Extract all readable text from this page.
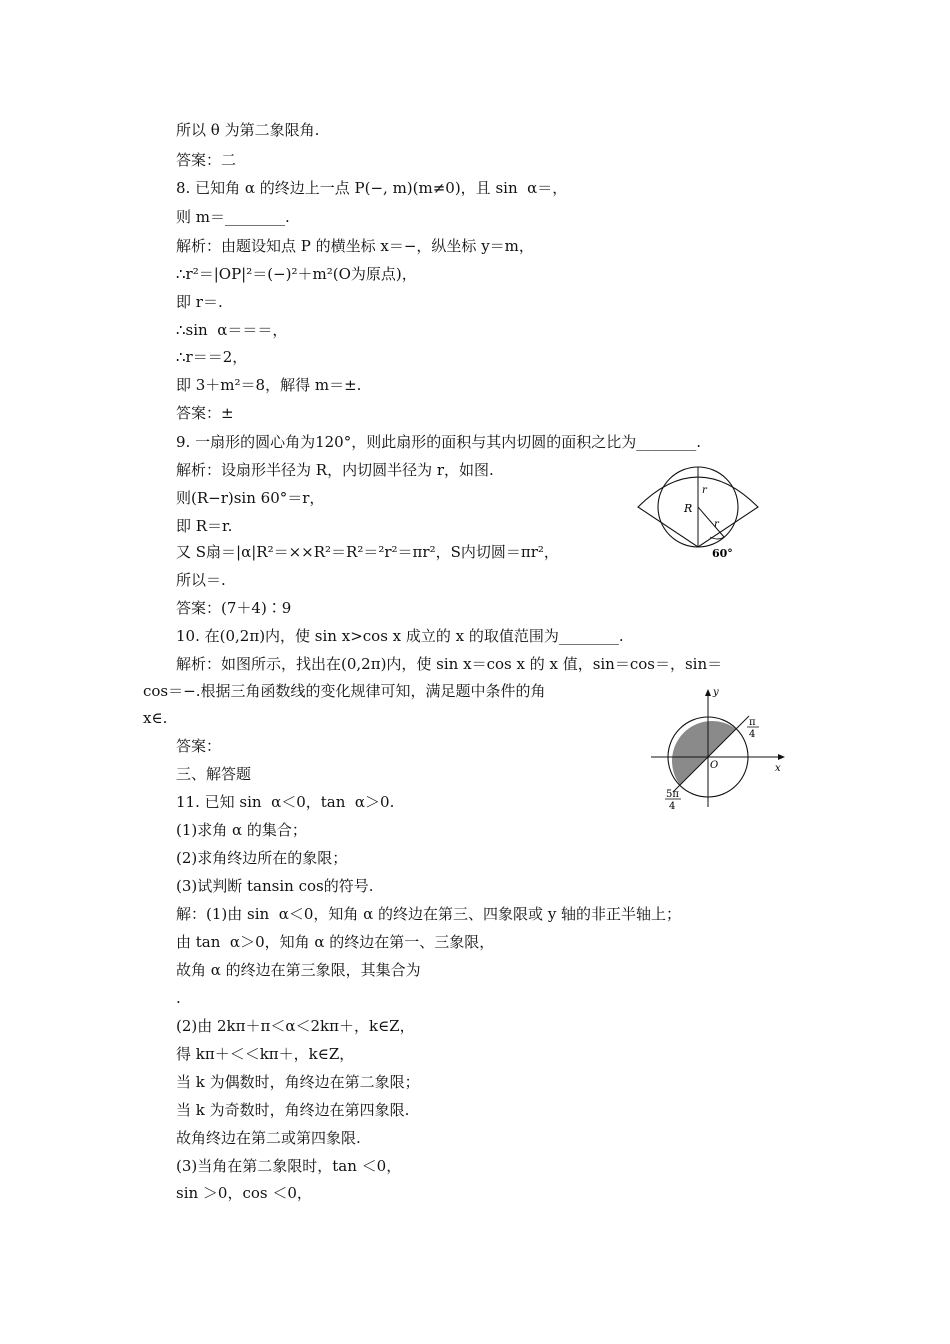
所以 θ 为第二象限角.
答案：二
8. 已知角 α 的终边上一点 P(−, m)(m≠0)，且 sin  α＝，
则 m＝________.
解析：由题设知点 P 的横坐标 x＝−，纵坐标 y＝m，
∴r²＝|OP|²＝(−)²＋m²(O为原点)，
即 r＝.
∴sin  α＝＝＝，
∴r＝＝2，
即 3＋m²＝8，解得 m＝±.
答案：±
9. 一扇形的圆心角为120°，则此扇形的面积与其内切圆的面积之比为________.
解析：设扇形半径为 R，内切圆半径为 r，如图.
则(R−r)sin 60°＝r，
即 R＝r.
又 S扇＝|α|R²＝××R²＝R²＝²r²＝πr²，S内切圆＝πr²，
所以＝.
答案：(7＋4)∶9
10. 在(0,2π)内，使 sin x>cos x 成立的 x 的取值范围为________.
解析：如图所示，找出在(0,2π)内，使 sin x＝cos x 的 x 值，sin＝cos＝，sin＝
cos＝−.根据三角函数线的变化规律可知，满足题中条件的角
x∈.
答案：
三、解答题
11. 已知 sin  α＜0，tan  α＞0.
(1)求角 α 的集合；
(2)求角终边所在的象限；
(3)试判断 tansin cos的符号.
解：(1)由 sin  α＜0，知角 α 的终边在第三、四象限或 y 轴的非正半轴上；
由 tan  α＞0，知角 α 的终边在第一、三象限，
故角 α 的终边在第三象限，其集合为
.
(2)由 2kπ＋π＜α＜2kπ＋，k∈Z，
得 kπ＋＜＜kπ＋，k∈Z，
当 k 为偶数时，角终边在第二象限；
当 k 为奇数时，角终边在第四象限.
故角终边在第二或第四象限.
(3)当角在第二象限时，tan ＜0，
sin ＞0，cos ＜0，
R
r
r
60°
y
x
O
π
4
5π
4
